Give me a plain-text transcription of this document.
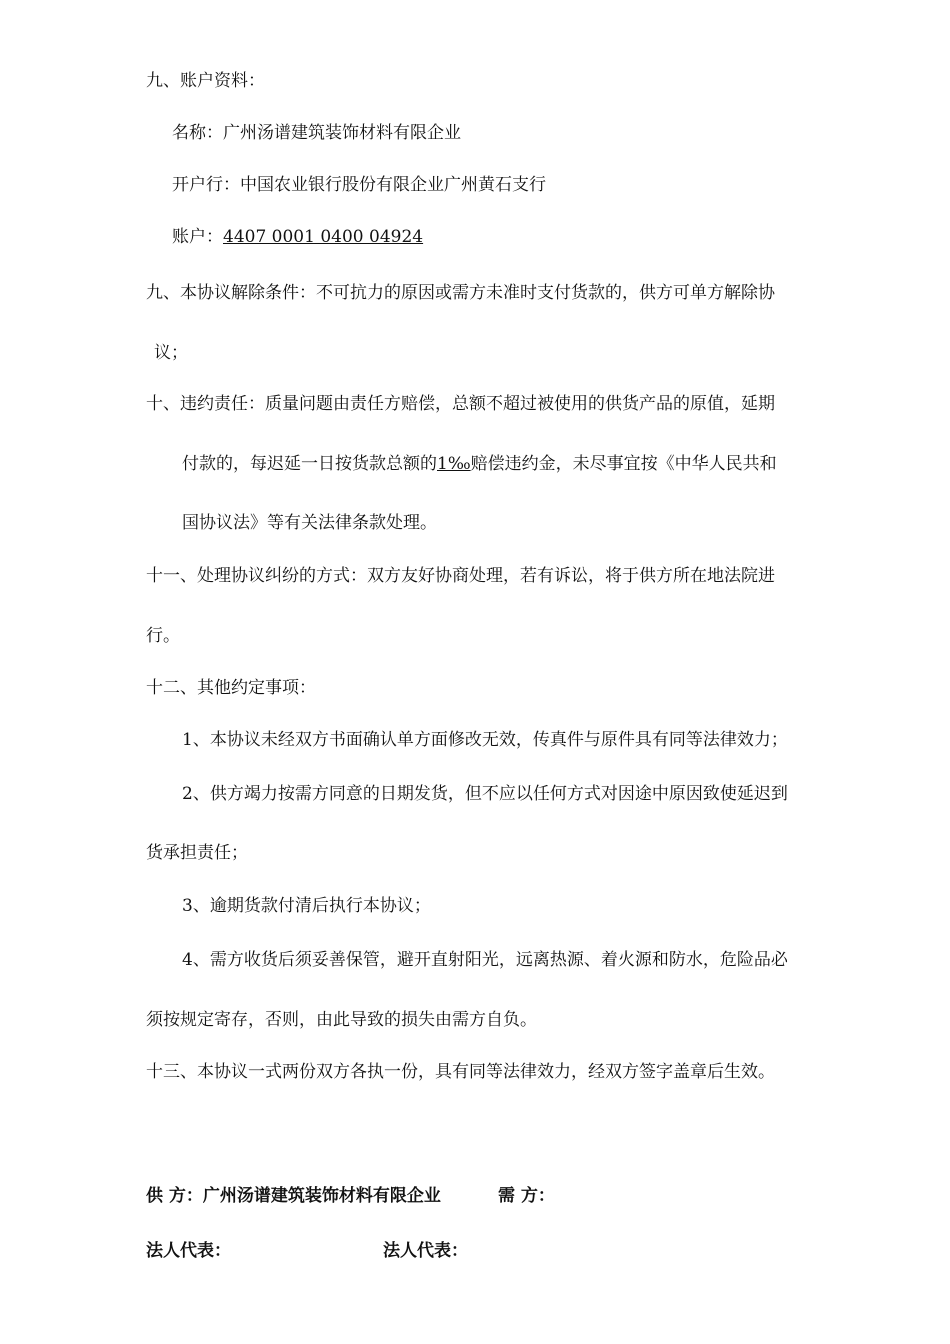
九、账户资料：
名称：广州汤谱建筑装饰材料有限企业
开户行：中国农业银行股份有限企业广州黄石支行
账户：4407 0001 0400 04924
九、本协议解除条件：不可抗力的原因或需方未准时支付货款的，供方可单方解除协
议；
十、违约责任：质量问题由责任方赔偿，总额不超过被使用的供货产品的原值，延期
付款的，每迟延一日按货款总额的1‰赔偿违约金，未尽事宜按《中华人民共和
国协议法》等有关法律条款处理。
十一、处理协议纠纷的方式：双方友好协商处理，若有诉讼，将于供方所在地法院进
行。
十二、其他约定事项：
1、本协议未经双方书面确认单方面修改无效，传真件与原件具有同等法律效力；
2、供方竭力按需方同意的日期发货，但不应以任何方式对因途中原因致使延迟到
货承担责任；
3、逾期货款付清后执行本协议；
4、需方收货后须妥善保管，避开直射阳光，远离热源、着火源和防水，危险品必
须按规定寄存，否则，由此导致的损失由需方自负。
十三、本协议一式两份双方各执一份，具有同等法律效力，经双方签字盖章后生效。
供 方：广州汤谱建筑装饰材料有限企业	需 方：
法人代表：	法人代表：
